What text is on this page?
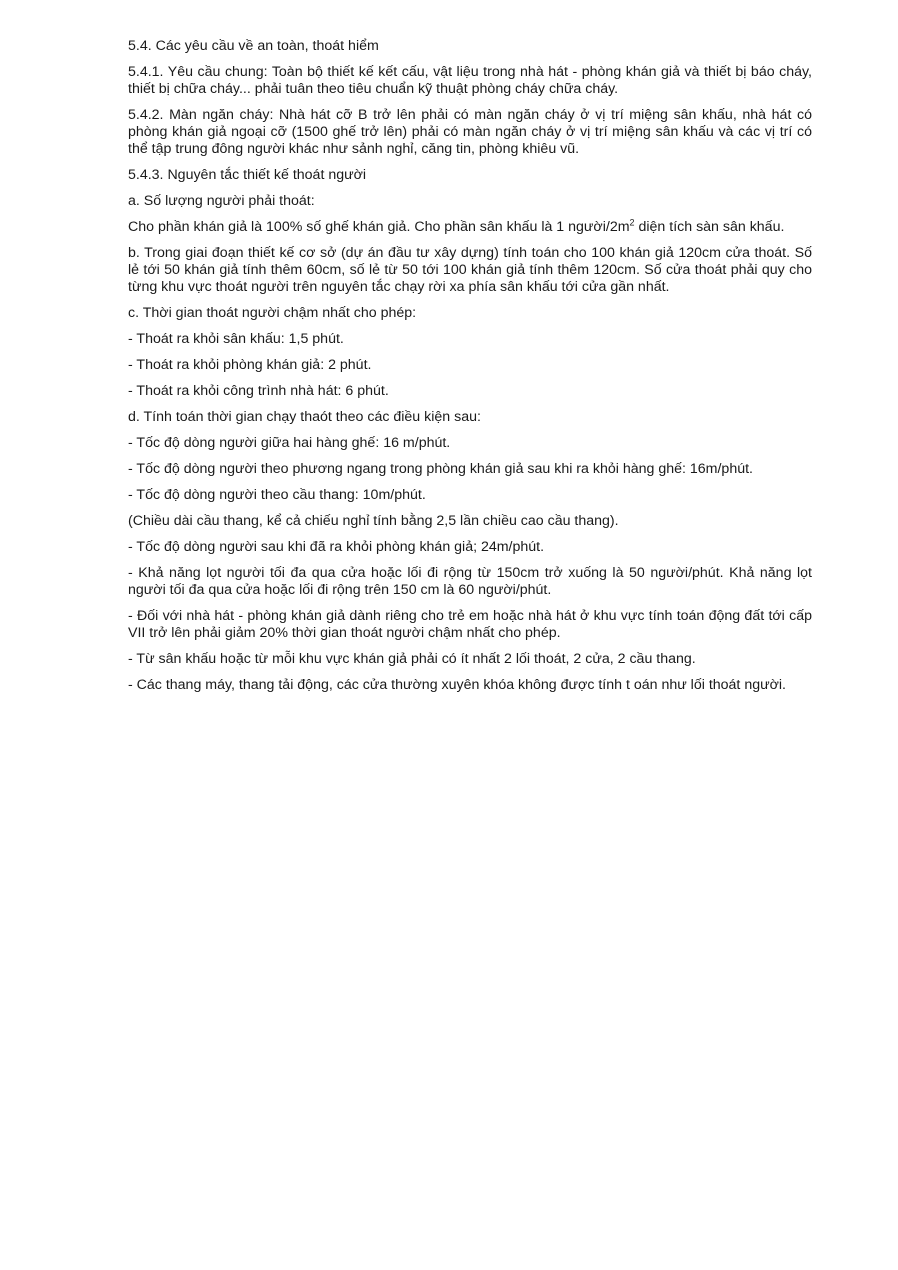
5.4. Các yêu cầu về an toàn, thoát hiểm

5.4.1. Yêu cầu chung: Toàn bộ thiết kế kết cấu, vật liệu trong nhà hát - phòng khán giả và thiết bị báo cháy, thiết bị chữa cháy... phải tuân theo tiêu chuẩn kỹ thuật phòng cháy chữa cháy.

5.4.2. Màn ngăn cháy: Nhà hát cỡ B trở lên phải có màn ngăn cháy ở vị trí miệng sân khấu, nhà hát có phòng khán giả ngoại cỡ (1500 ghế trở lên) phải có màn ngăn cháy ở vị trí miệng sân khấu và các vị trí có thể tập trung đông người khác như sảnh nghỉ, căng tin, phòng khiêu vũ.

5.4.3. Nguyên tắc thiết kế thoát người

a. Số lượng người phải thoát:

Cho phần khán giả là 100% số ghế khán giả. Cho phần sân khấu là 1 người/$2m^2$ diện tích sàn sân khấu.

b. Trong giai đoạn thiết kế cơ sở (dự án đầu tư xây dựng) tính toán cho 100 khán giả 120cm cửa thoát. Số lẻ tới 50 khán giả tính thêm 60cm, số lẻ từ 50 tới 100 khán giả tính thêm 120cm. Số cửa thoát phải quy cho từng khu vực thoát người trên nguyên tắc chạy rời xa phía sân khấu tới cửa gần nhất.

c. Thời gian thoát người chậm nhất cho phép:

- Thoát ra khỏi sân khấu: 1,5 phút.

- Thoát ra khỏi phòng khán giả: 2 phút.

- Thoát ra khỏi công trình nhà hát: 6 phút.

d. Tính toán thời gian chạy thaót theo các điều kiện sau:

- Tốc độ dòng người giữa hai hàng ghế: 16 m/phút.

- Tốc độ dòng người theo phương ngang trong phòng khán giả sau khi ra khỏi hàng ghế: 16m/phút.

- Tốc độ dòng người theo cầu thang: 10m/phút.

(Chiều dài cầu thang, kể cả chiếu nghỉ tính bằng 2,5 lần chiều cao cầu thang).

- Tốc độ dòng người sau khi đã ra khỏi phòng khán giả; 24m/phút.

- Khả năng lọt người tối đa qua cửa hoặc lối đi rộng từ 150cm trở xuống là 50 người/phút. Khả năng lọt người tối đa qua cửa hoặc lối đi rộng trên 150 cm là 60 người/phút.

- Đối với nhà hát - phòng khán giả dành riêng cho trẻ em hoặc nhà hát ở khu vực tính toán động đất tới cấp VII trở lên phải giảm 20% thời gian thoát người chậm nhất cho phép.

- Từ sân khấu hoặc từ mỗi khu vực khán giả phải có ít nhất 2 lối thoát, 2 cửa, 2 cầu thang.

- Các thang máy, thang tải động, các cửa thường xuyên khóa không được tính t oán như lối thoát người.
